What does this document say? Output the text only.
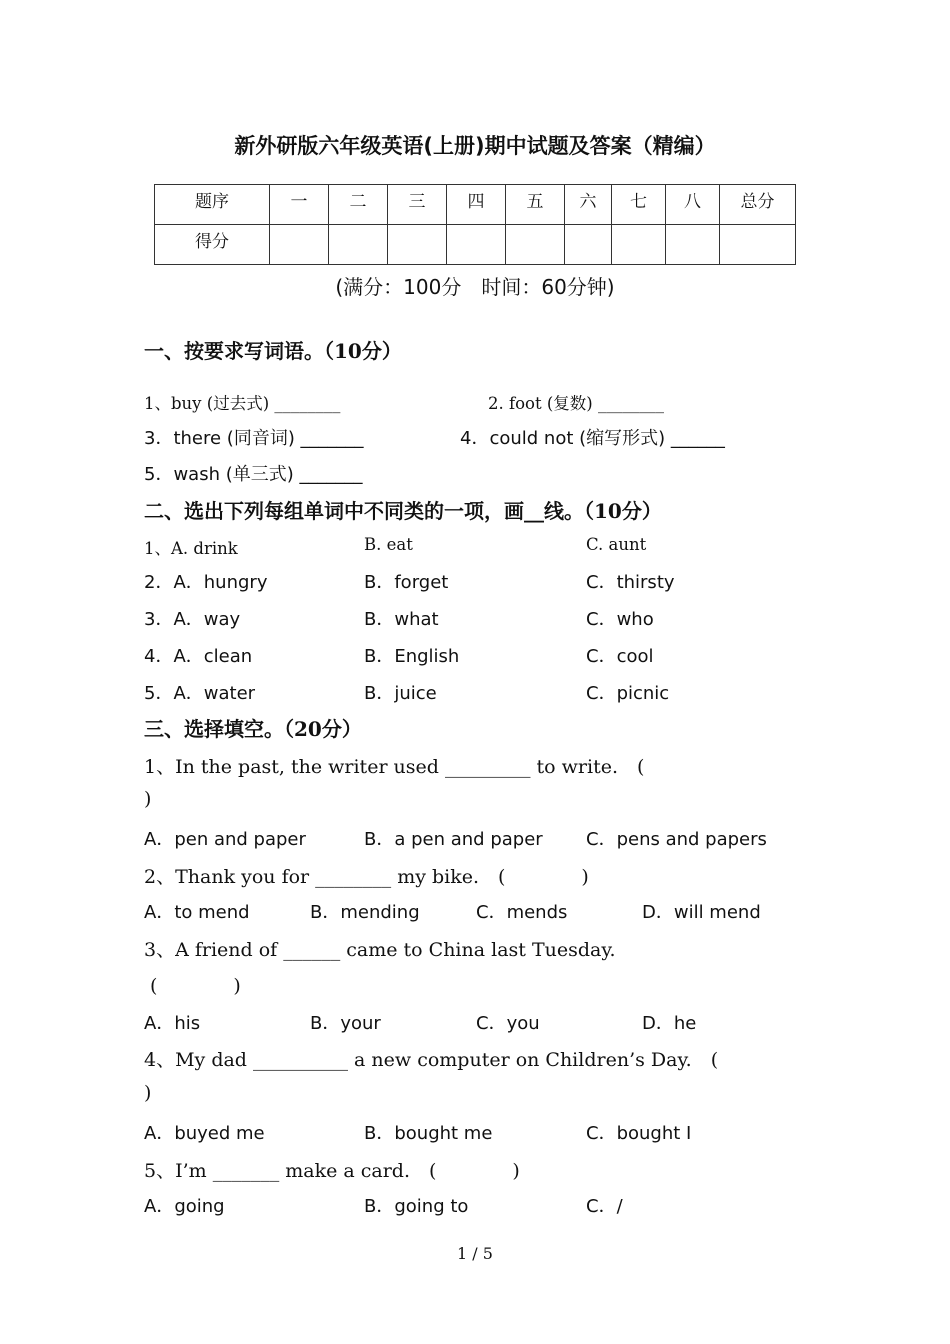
新外研版六年级英语(上册)期中试题及答案（精编）
题序	一	二	三	四	五	六	七	八	总分
得分									
(满分：100分　时间：60分钟)
一、按要求写词语。（10分）
1、buy (过去式) ________	2. foot (复数) ________
3．there (同音词) _______	4．could not (缩写形式) ______
5．wash (单三式) _______
二、选出下列每组单词中不同类的一项，画__线。（10分）
1、A. drink	B. eat	C. aunt
2．A．hungry	B．forget	C．thirsty
3．A．way	B．what	C．who
4．A．clean	B．English	C．cool
5．A．water	B．juice	C．picnic
三、选择填空。（20分）
1、In the past, the writer used _________ to write.　(
)
A．pen and paper	B．a pen and paper C．pens and papers
2、Thank you for ________ my bike.　(　　　　)
A．to mend	B．mending	C．mends	D．will mend
3、A friend of ______ came to China last Tuesday.
(　　　　)
A．his	B．your	C．you	D．he
4、My dad __________ a new computer on Children’s Day.　(
)
A．buyed me	B．bought me	C．bought I
5、I’m _______ make a card.　(　　　　)
A．going	B．going to	C．/
1 / 5
